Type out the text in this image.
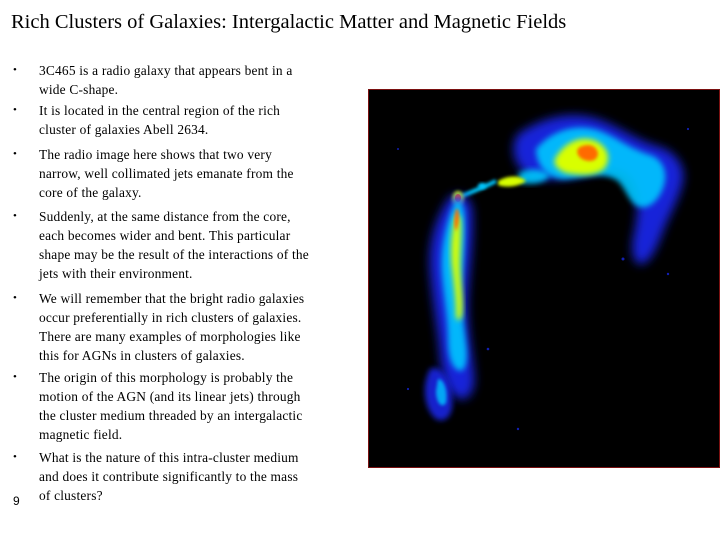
Rich Clusters of Galaxies: Intergalactic Matter and Magnetic Fields
•	3C465 is a radio galaxy that appears bent in a
wide C-shape.
•	It is located in the central region of the rich
cluster of galaxies Abell 2634.
•	The radio image here shows that two very
narrow, well collimated jets emanate from the
core of the galaxy.
•	Suddenly, at the same distance from the core,
each becomes wider and bent. This particular
shape may be the result of the interactions of the
jets with their environment.
•	We will remember that the bright radio galaxies
occur preferentially in rich clusters of galaxies.
There are many examples of morphologies like
this for AGNs in clusters of galaxies.
•	The origin of this morphology is probably the
motion of the AGN (and its linear jets) through
the cluster medium threaded by an intergalactic
magnetic field.
•	What is the nature of this intra-cluster medium
and does it contribute significantly to the mass
of clusters?
9
